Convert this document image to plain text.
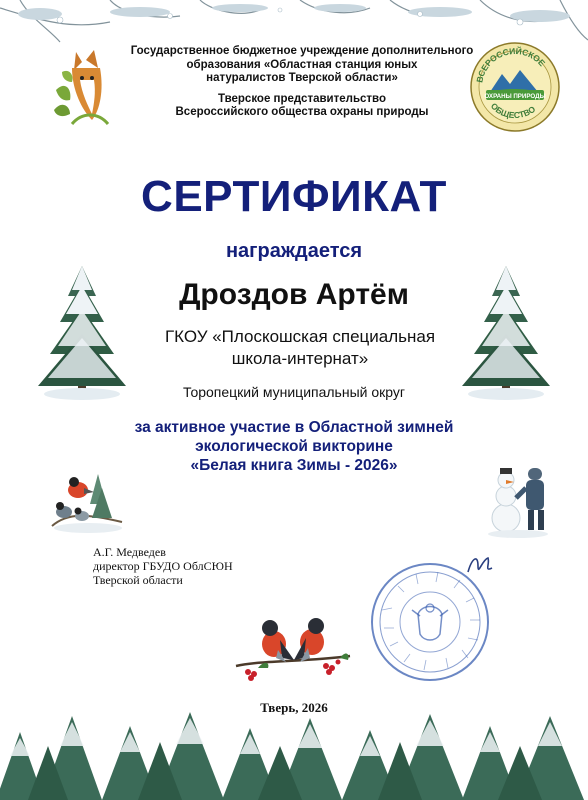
Государственное бюджетное учреждение дополнительного
образования «Областная станция юных
натуралистов Тверской области»
Тверское представительство
Всероссийского общества охраны природы
ВСЕРОССИЙСКОЕ
ОБЩЕСТВО
ОХРАНЫ ПРИРОДЫ
СЕРТИФИКАТ
награждается
Дроздов Артём
ГКОУ «Плоскошская специальная школа-интернат»
Торопецкий муниципальный округ
за активное участие в Областной зимней
экологической викторине
«Белая книга Зимы - 2026»
А.Г. Медведев
директор ГБУДО ОблСЮН
Тверской области
Тверь, 2026
